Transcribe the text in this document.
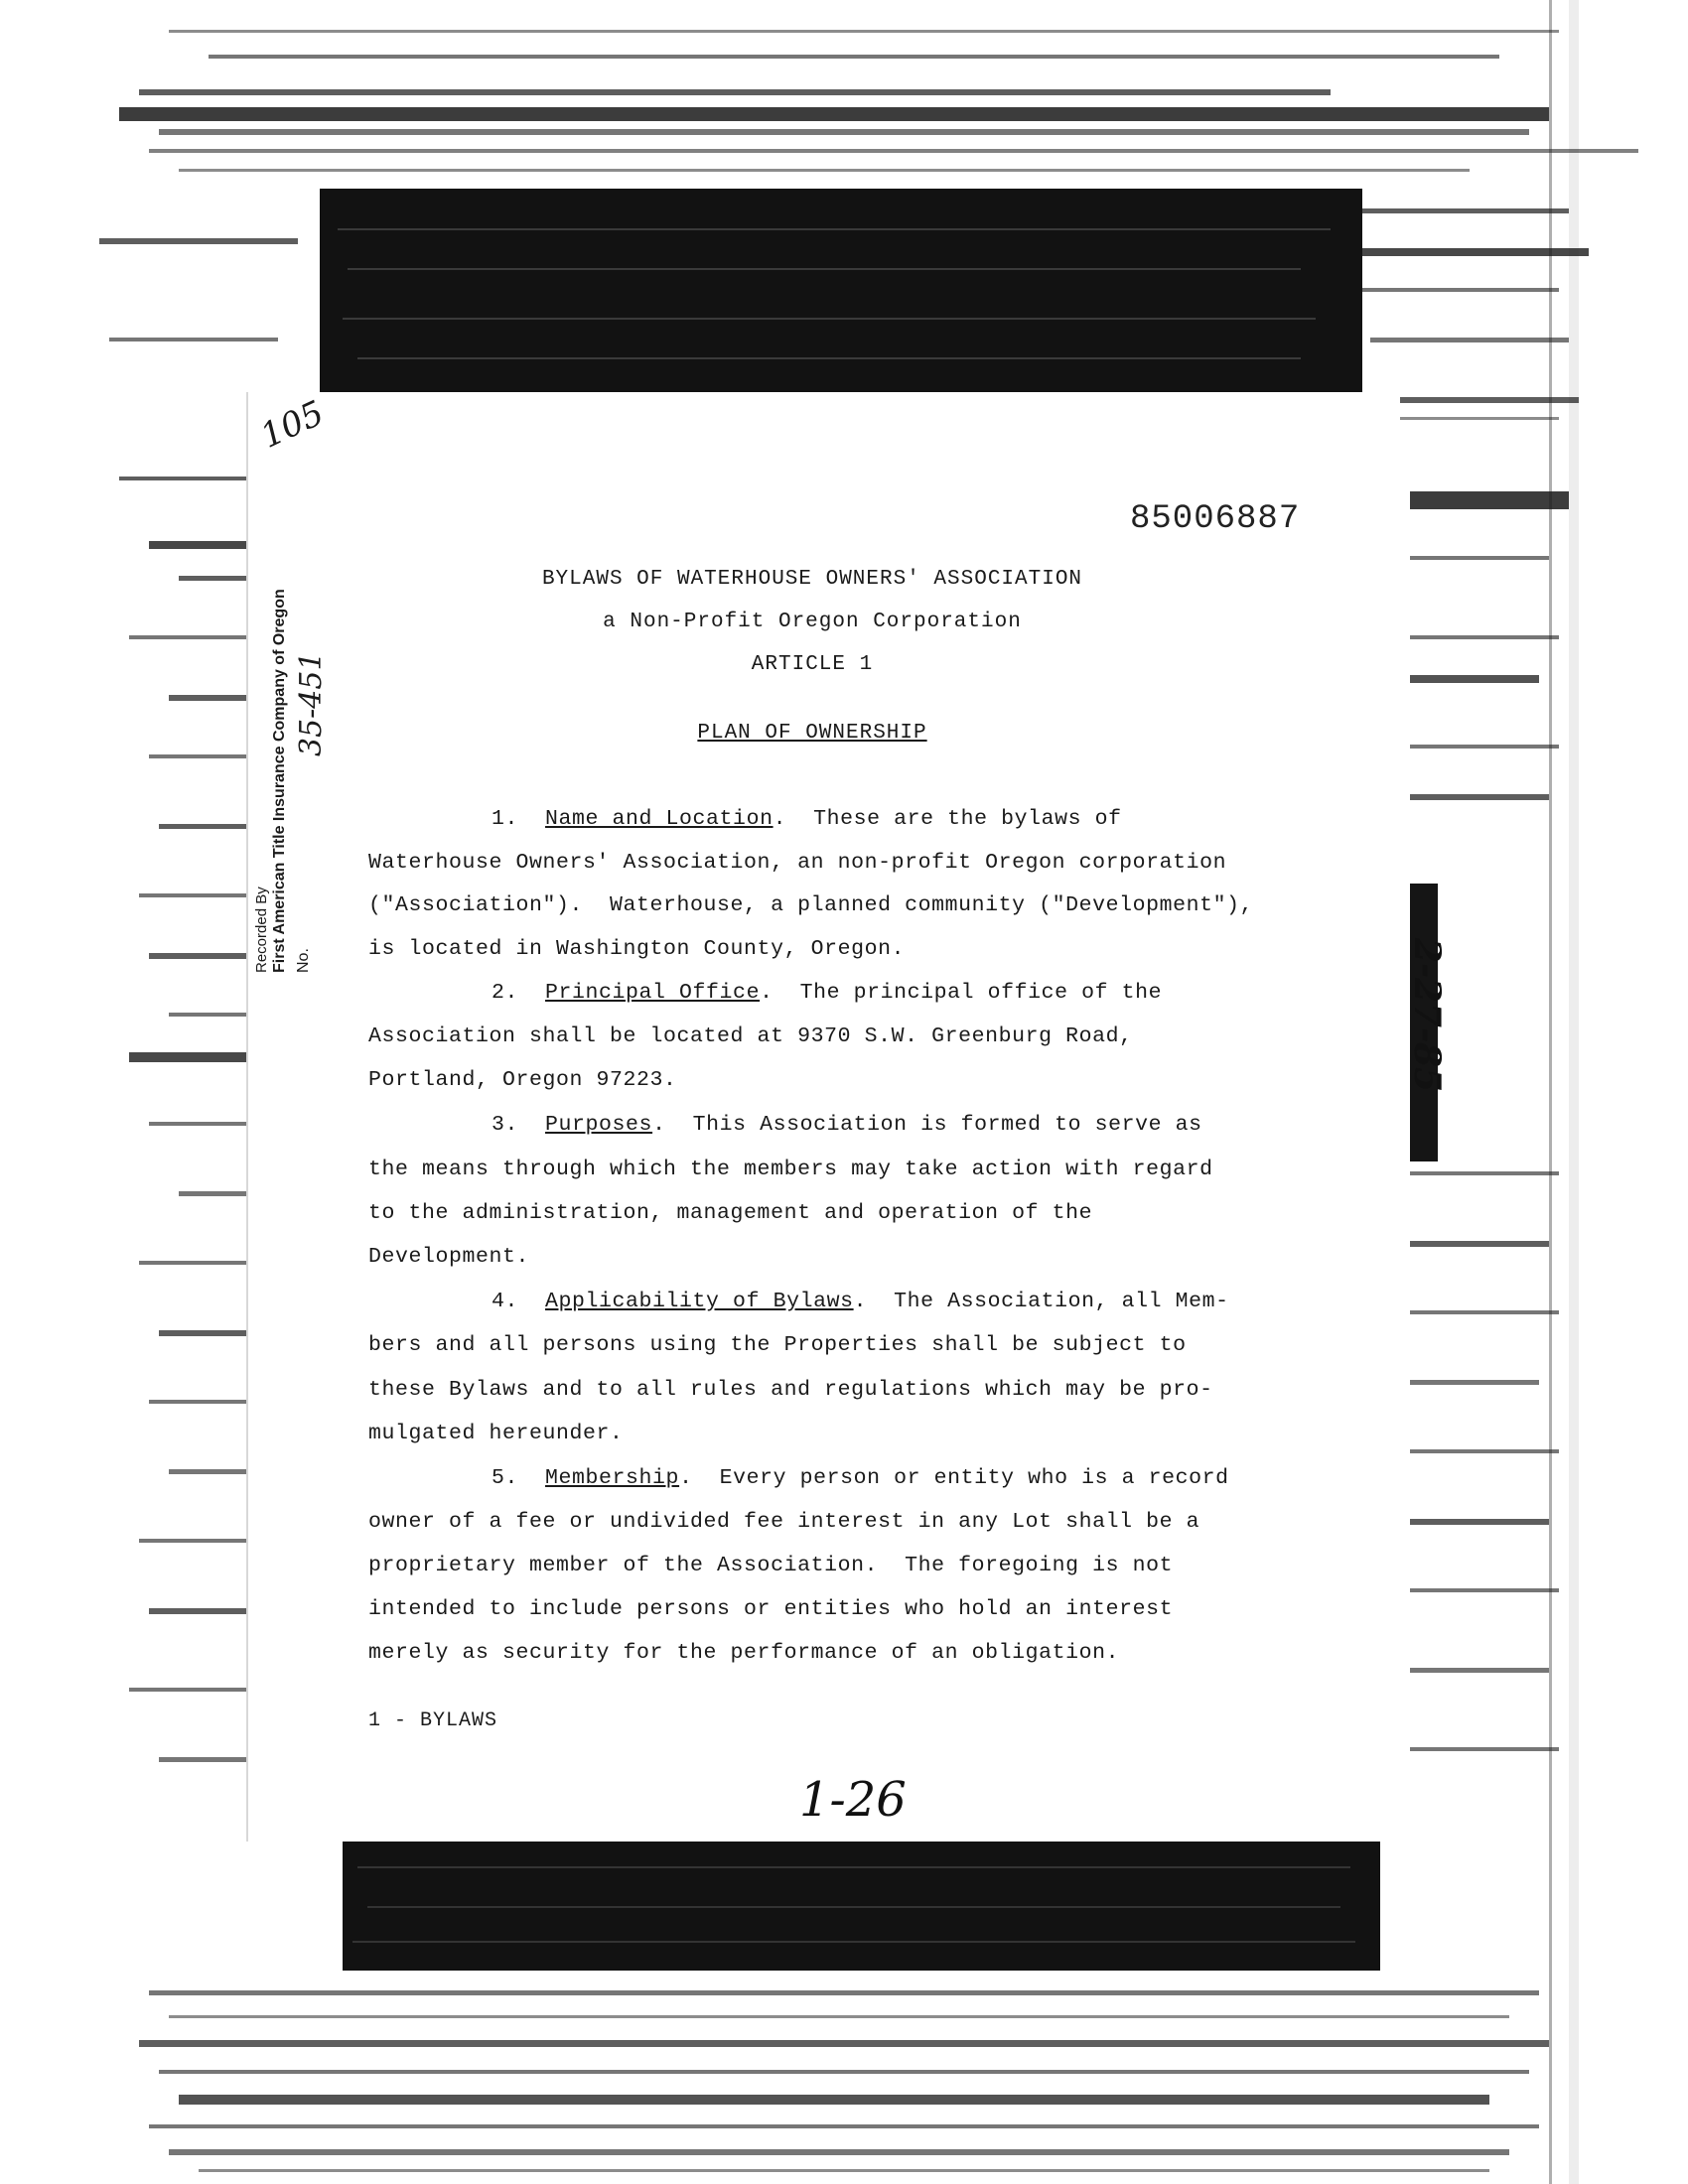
105
2-27-85
1-26
Recorded By First American Title Insurance Company of Oregon No.
35-451
85006887
BYLAWS OF WATERHOUSE OWNERS' ASSOCIATION
a Non-Profit Oregon Corporation
ARTICLE 1
PLAN OF OWNERSHIP
1. Name and Location.  These are the bylaws of
Waterhouse Owners' Association, an non-profit Oregon corporation
("Association").  Waterhouse, a planned community ("Development"),
is located in Washington County, Oregon.
2. Principal Office.  The principal office of the
Association shall be located at 9370 S.W. Greenburg Road,
Portland, Oregon 97223.
3. Purposes.  This Association is formed to serve as
the means through which the members may take action with regard
to the administration, management and operation of the
Development.
4. Applicability of Bylaws.  The Association, all Mem-
bers and all persons using the Properties shall be subject to
these Bylaws and to all rules and regulations which may be pro-
mulgated hereunder.
5. Membership.  Every person or entity who is a record
owner of a fee or undivided fee interest in any Lot shall be a
proprietary member of the Association.  The foregoing is not
intended to include persons or entities who hold an interest
merely as security for the performance of an obligation.
1 - BYLAWS
